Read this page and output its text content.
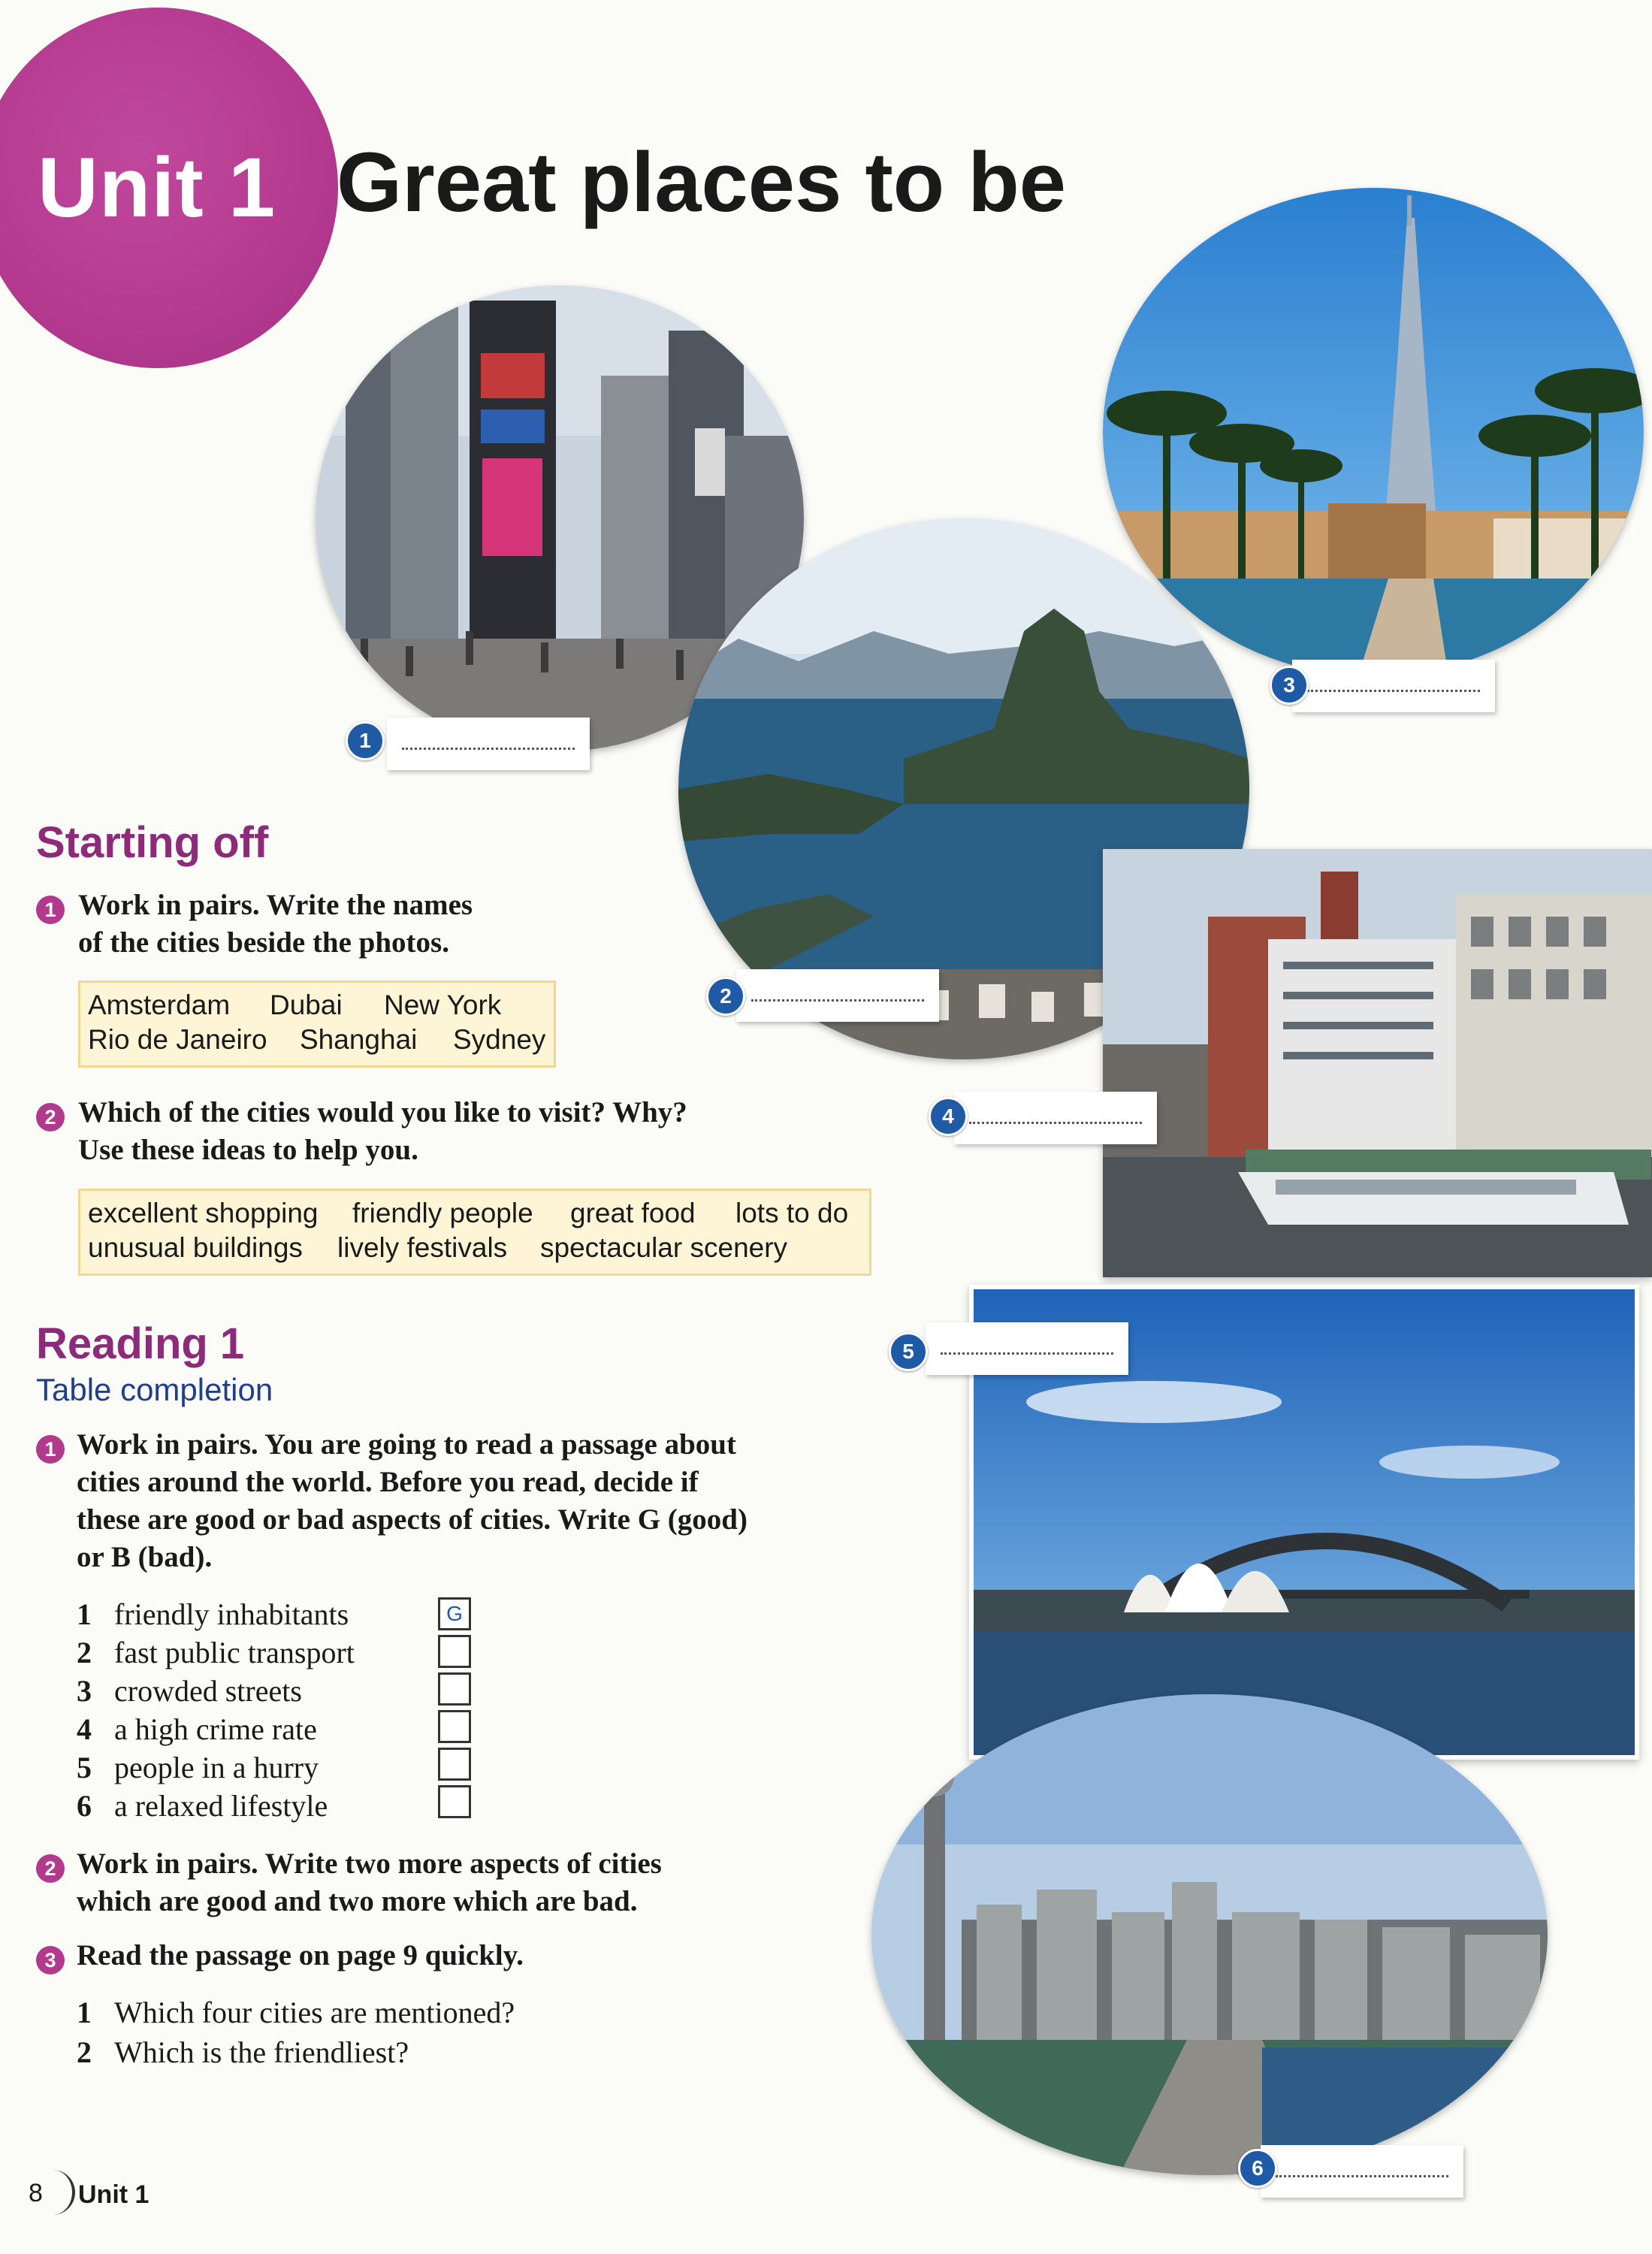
Unit 1 Great places to be
1
3
2
4
5
6
Starting off
1 Work in pairs. Write the names
of the cities beside the photos.
Amsterdam Dubai New York
Rio de Janeiro Shanghai Sydney
2 Which of the cities would you like to visit? Why?
Use these ideas to help you.
excellent shopping friendly people great food lots to do
unusual buildings lively festivals spectacular scenery
Reading 1
Table completion
1 Work in pairs. You are going to read a passage about
cities around the world. Before you read, decide if
these are good or bad aspects of cities. Write G (good)
or B (bad).
1 friendly inhabitants
2 fast public transport
3 crowded streets
4 a high crime rate
5 people in a hurry
6 a relaxed lifestyle
G
2 Work in pairs. Write two more aspects of cities
which are good and two more which are bad.
3 Read the passage on page 9 quickly.
1 Which four cities are mentioned?
2 Which is the friendliest?
8 Unit 1
